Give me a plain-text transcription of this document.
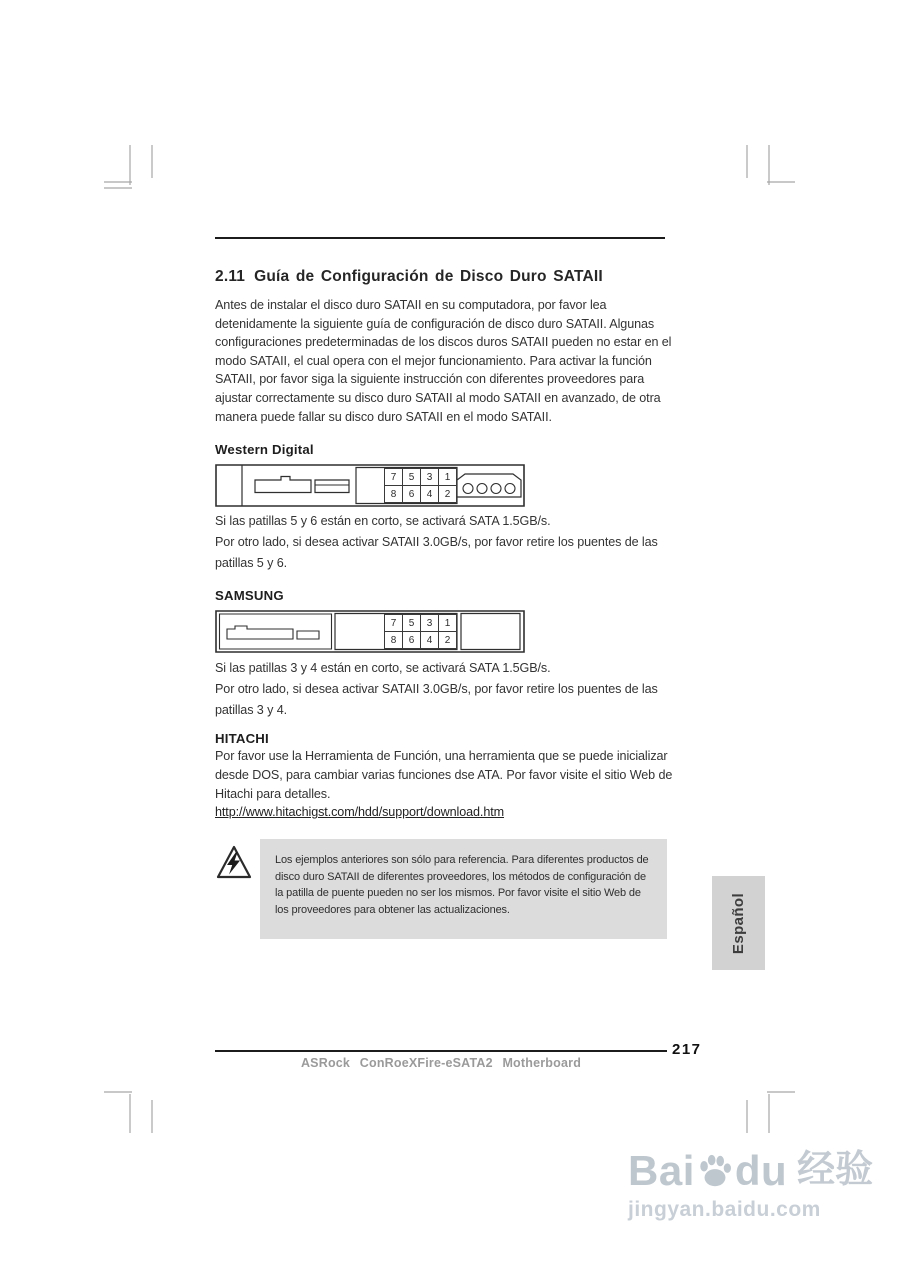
2.11 Guía de Configuración de Disco Duro SATAII

Antes de instalar el disco duro SATAII en su computadora, por favor lea detenidamente la siguiente guía de configuración de disco duro SATAII. Algunas configuraciones predeterminadas de los discos duros SATAII pueden no estar en el modo SATAII, el cual opera con el mejor funcionamiento. Para activar la función SATAII, por favor siga la siguiente instrucción con diferentes proveedores para ajustar correctamente su disco duro SATAII al modo SATAII en avanzado, de otra manera puede fallar su disco duro SATAII en el modo SATAII.

Western Digital
7	5	3	1
8	6	4	2

Si las patillas 5 y 6 están en corto, se activará SATA 1.5GB/s.

Por otro lado, si desea activar SATAII 3.0GB/s, por favor retire los puentes de las patillas 5 y 6.

SAMSUNG
7	5	3	1
8	6	4	2

Si las patillas 3 y 4 están en corto, se activará SATA 1.5GB/s.

Por otro lado, si desea activar SATAII 3.0GB/s, por favor retire los puentes de las patillas 3 y 4.

HITACHI

Por favor use la Herramienta de Función, una herramienta que se puede inicializar desde DOS, para cambiar varias funciones dse ATA. Por favor visite el sitio Web de Hitachi para detalles.

http://www.hitachigst.com/hdd/support/download.htm

Los ejemplos anteriores son sólo para referencia. Para diferentes productos de disco duro SATAII de diferentes proveedores, los métodos de configuración de la patilla de puente pueden no ser los mismos. Por favor visite el sitio Web de los proveedores para obtener las actualizaciones.	Español
217
ASRock ConRoeXFire-eSATA2 Motherboard
Bai du 经验
jingyan.baidu.com
